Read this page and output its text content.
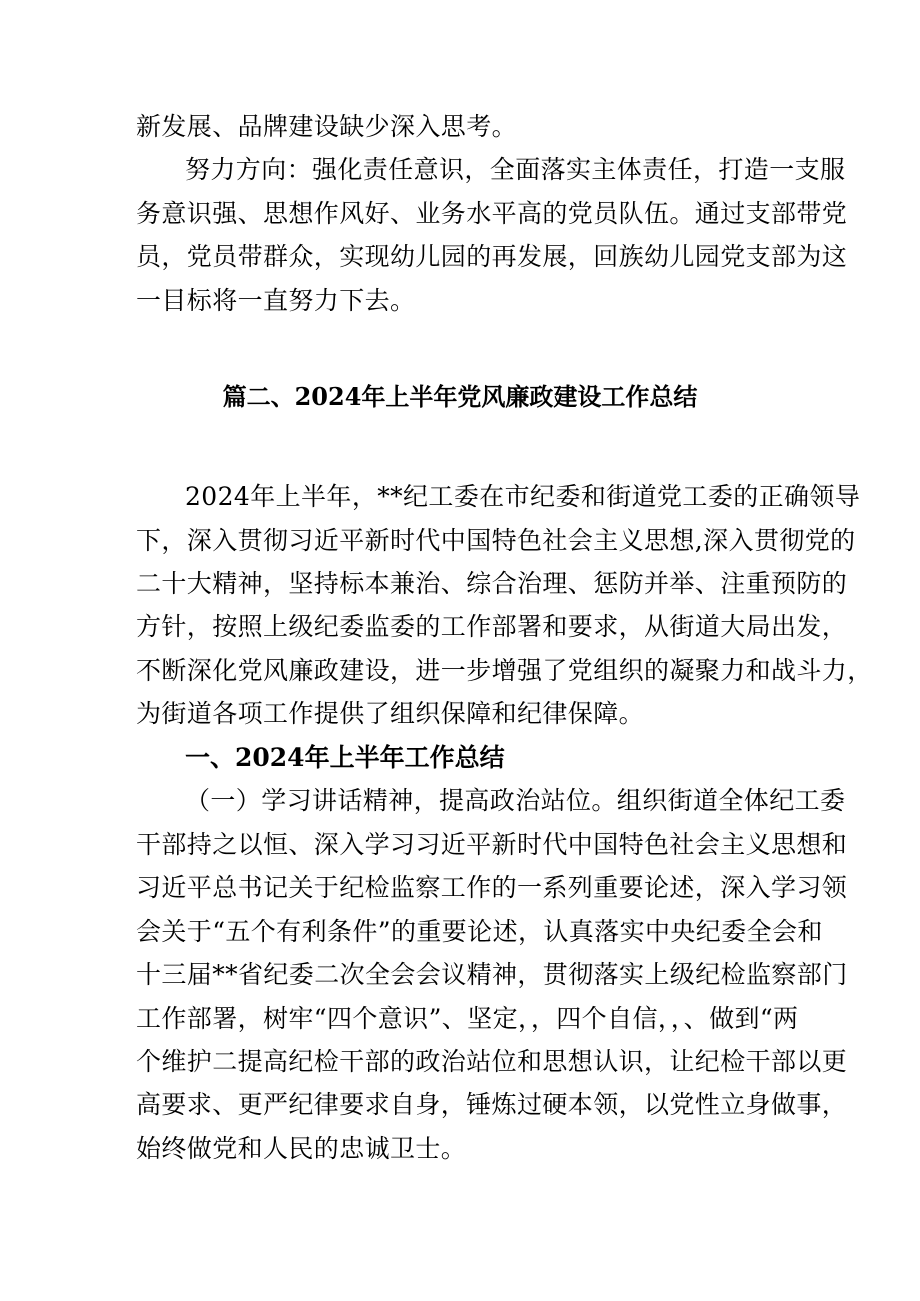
新发展、品牌建设缺少深入思考。
努力方向：强化责任意识，全面落实主体责任，打造一支服
务意识强、思想作风好、业务水平高的党员队伍。通过支部带党
员，党员带群众，实现幼儿园的再发展，回族幼儿园党支部为这
一目标将一直努力下去。
篇二、2024年上半年党风廉政建设工作总结
2024年上半年，**纪工委在市纪委和街道党工委的正确领导
下，深入贯彻习近平新时代中国特色社会主义思想,深入贯彻党的
二十大精神，坚持标本兼治、综合治理、惩防并举、注重预防的
方针，按照上级纪委监委的工作部署和要求，从街道大局出发，
不断深化党风廉政建设，进一步增强了党组织的凝聚力和战斗力，
为街道各项工作提供了组织保障和纪律保障。
一、2024年上半年工作总结
（一）学习讲话精神，提高政治站位。组织街道全体纪工委
干部持之以恒、深入学习习近平新时代中国特色社会主义思想和
习近平总书记关于纪检监察工作的一系列重要论述，深入学习领
会关于“五个有利条件”的重要论述，认真落实中央纪委全会和
十三届**省纪委二次全会会议精神，贯彻落实上级纪检监察部门
工作部署，树牢“四个意识”、坚定，，四个自信，，、做到“两
个维护二提高纪检干部的政治站位和思想认识，让纪检干部以更
高要求、更严纪律要求自身，锤炼过硬本领，以党性立身做事，
始终做党和人民的忠诚卫士。
